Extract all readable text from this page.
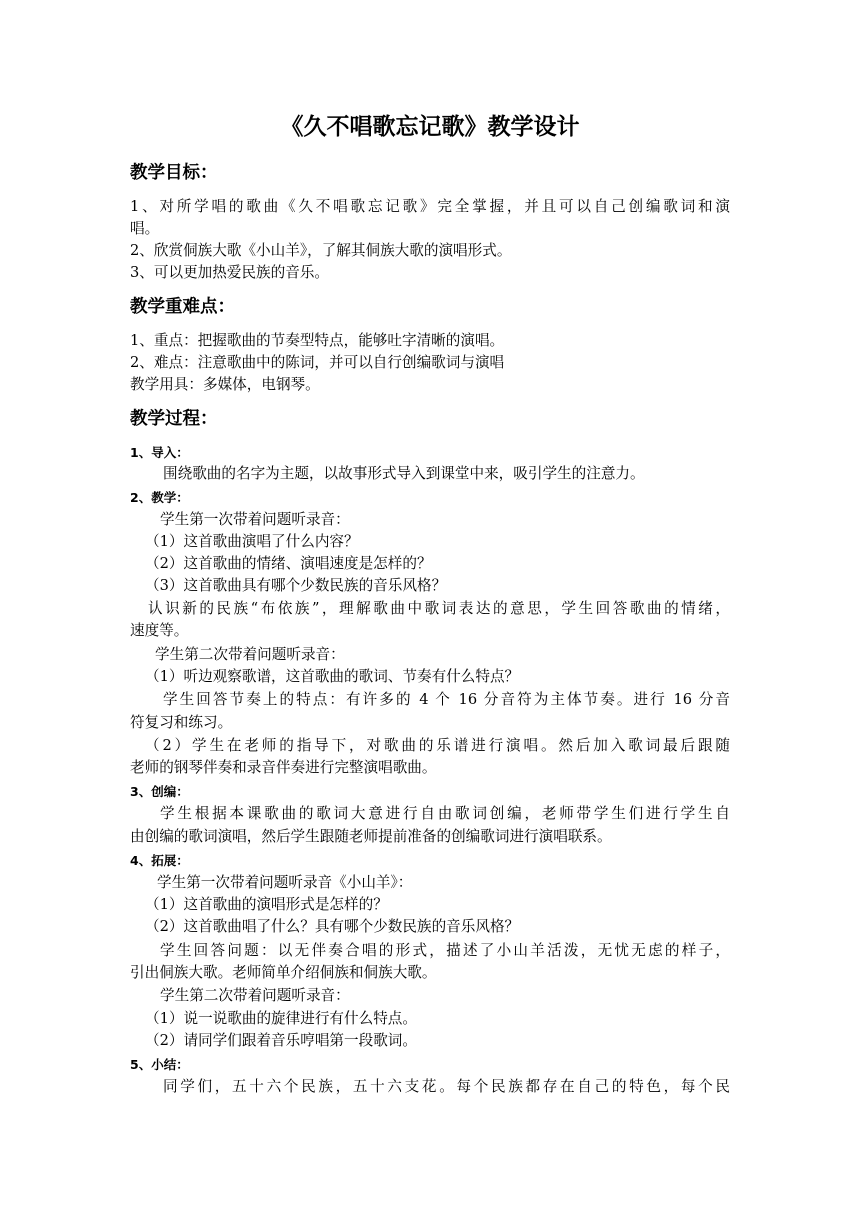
《久不唱歌忘记歌》教学设计
教学目标：
1、对所学唱的歌曲《久不唱歌忘记歌》完全掌握，并且可以自己创编歌词和演
唱。
2、欣赏侗族大歌《小山羊》，了解其侗族大歌的演唱形式。
3、可以更加热爱民族的音乐。
教学重难点：
1、重点：把握歌曲的节奏型特点，能够吐字清晰的演唱。
2、难点：注意歌曲中的陈词，并可以自行创编歌词与演唱
教学用具：多媒体，电钢琴。
教学过程：
1、导入：
围绕歌曲的名字为主题，以故事形式导入到课堂中来，吸引学生的注意力。
2、教学：
学生第一次带着问题听录音：
（1）这首歌曲演唱了什么内容？
（2）这首歌曲的情绪、演唱速度是怎样的？
（3）这首歌曲具有哪个少数民族的音乐风格？
认识新的民族“布依族”，理解歌曲中歌词表达的意思，学生回答歌曲的情绪，
速度等。
学生第二次带着问题听录音：
（1）听边观察歌谱，这首歌曲的歌词、节奏有什么特点？
学生回答节奏上的特点：有许多的 4 个 16 分音符为主体节奏。进行 16 分音
符复习和练习。
（2）学生在老师的指导下，对歌曲的乐谱进行演唱。然后加入歌词最后跟随
老师的钢琴伴奏和录音伴奏进行完整演唱歌曲。
3、创编：
学生根据本课歌曲的歌词大意进行自由歌词创编，老师带学生们进行学生自
由创编的歌词演唱，然后学生跟随老师提前准备的创编歌词进行演唱联系。
4、拓展：
学生第一次带着问题听录音《小山羊》：
（1）这首歌曲的演唱形式是怎样的？
（2）这首歌曲唱了什么？具有哪个少数民族的音乐风格？
学生回答问题：以无伴奏合唱的形式，描述了小山羊活泼，无忧无虑的样子，
引出侗族大歌。老师简单介绍侗族和侗族大歌。
学生第二次带着问题听录音：
（1）说一说歌曲的旋律进行有什么特点。
（2）请同学们跟着音乐哼唱第一段歌词。
5、小结：
同学们，五十六个民族，五十六支花。每个民族都存在自己的特色，每个民
